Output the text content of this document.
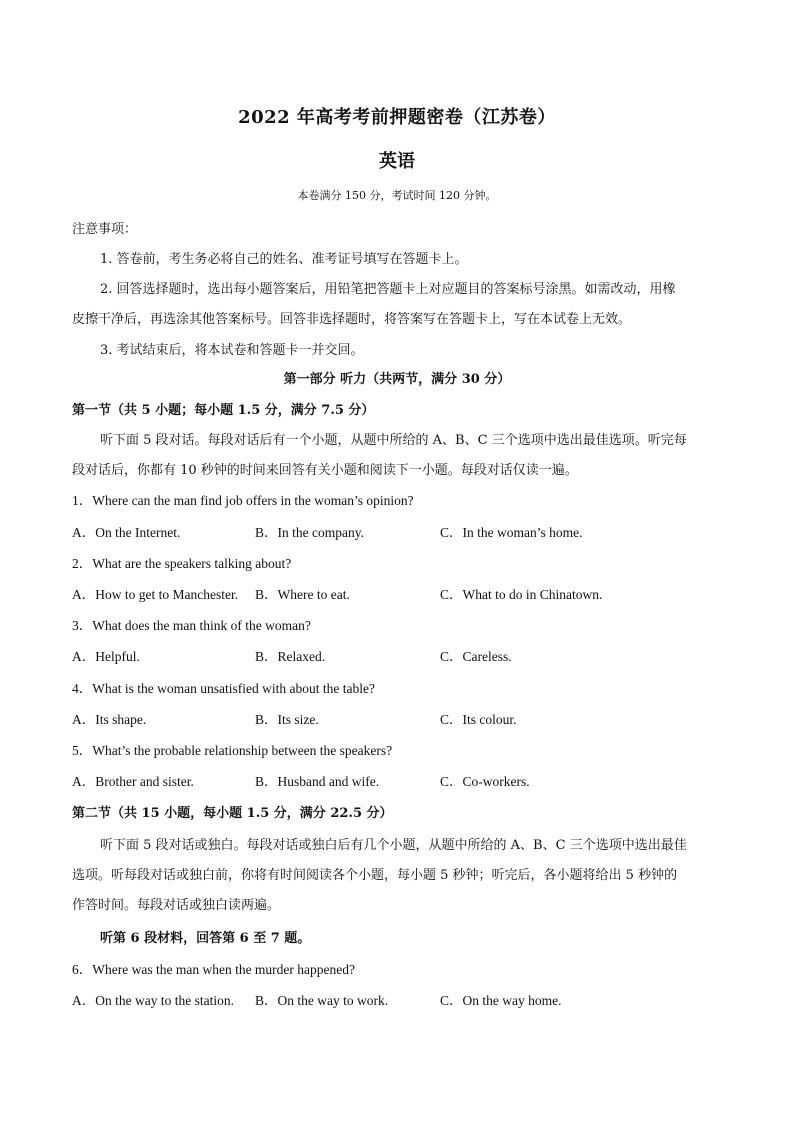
2022 年高考考前押题密卷（江苏卷）
英语
本卷满分 150 分，考试时间 120 分钟。
注意事项：
1. 答卷前，考生务必将自己的姓名、准考证号填写在答题卡上。
2. 回答选择题时，选出每小题答案后，用铅笔把答题卡上对应题目的答案标号涂黑。如需改动，用橡
皮擦干净后，再选涂其他答案标号。回答非选择题时，将答案写在答题卡上，写在本试卷上无效。
3. 考试结束后，将本试卷和答题卡一并交回。
第一部分 听力（共两节，满分 30 分）
第一节（共 5 小题；每小题 1.5 分，满分 7.5 分）
听下面 5 段对话。每段对话后有一个小题，从题中所给的 A、B、C 三个选项中选出最佳选项。听完每
段对话后，你都有 10 秒钟的时间来回答有关小题和阅读下一小题。每段对话仅读一遍。
1．Where can the man find job offers in the woman’s opinion?
A．On the Internet.	B．In the company.	C．In the woman’s home.
2．What are the speakers talking about?
A．How to get to Manchester. B．Where to eat.	C．What to do in Chinatown.
3．What does the man think of the woman?
A．Helpful.	B．Relaxed.	C．Careless.
4．What is the woman unsatisfied with about the table?
A．Its shape.	B．Its size.	C．Its colour.
5．What’s the probable relationship between the speakers?
A．Brother and sister.	B．Husband and wife.	C．Co-workers.
第二节（共 15 小题，每小题 1.5 分，满分 22.5 分）
听下面 5 段对话或独白。每段对话或独白后有几个小题，从题中所给的 A、B、C 三个选项中选出最佳
选项。听每段对话或独白前，你将有时间阅读各个小题，每小题 5 秒钟；听完后，各小题将给出 5 秒钟的
作答时间。每段对话或独白读两遍。
听第 6 段材料，回答第 6 至 7 题。
6．Where was the man when the murder happened?
A．On the way to the station. B．On the way to work.	C．On the way home.
